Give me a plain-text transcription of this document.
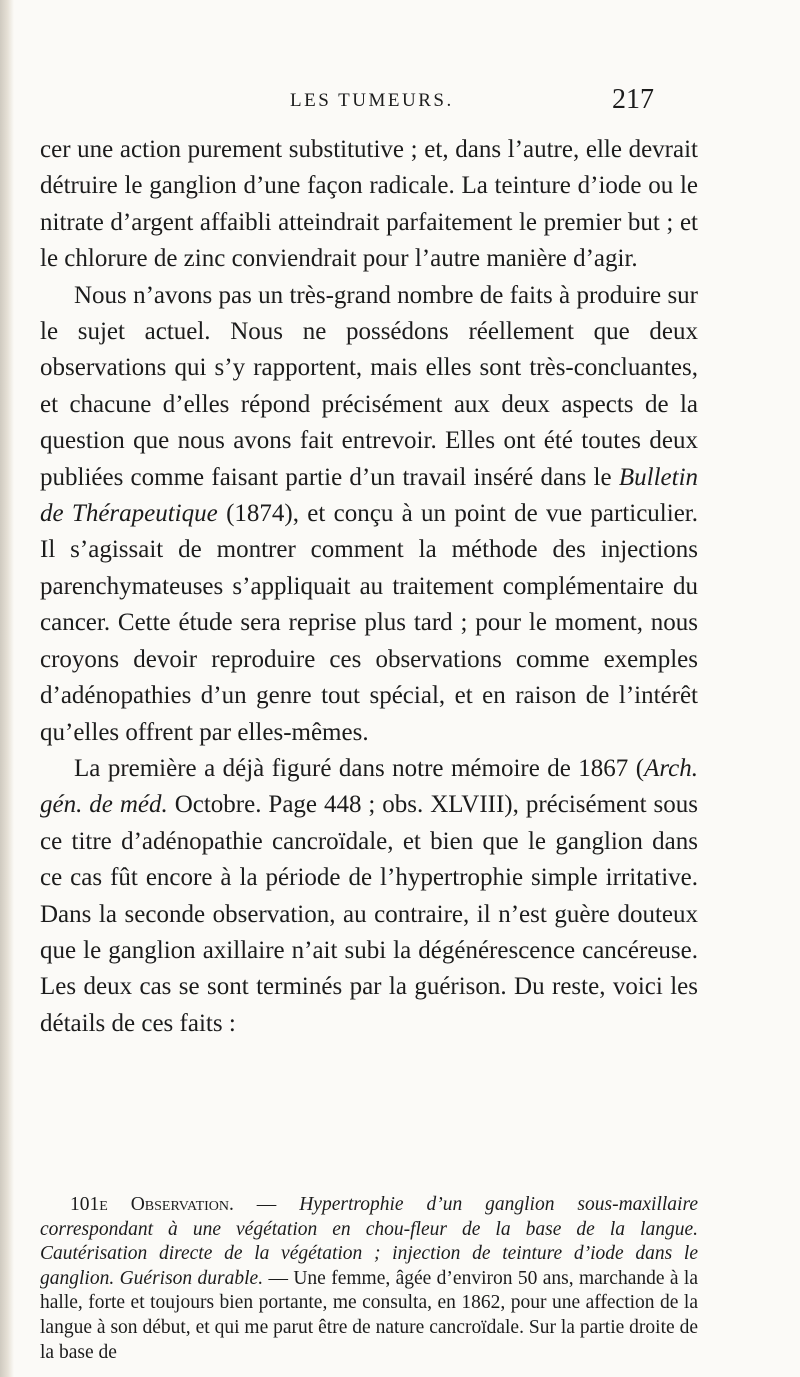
LES TUMEURS.	217

cer une action purement substitutive ; et, dans l’autre, elle devrait détruire le ganglion d’une façon radicale. La teinture d’iode ou le nitrate d’argent affaibli atteindrait parfaitement le premier but ; et le chlorure de zinc conviendrait pour l’autre manière d’agir.

Nous n’avons pas un très-grand nombre de faits à produire sur le sujet actuel. Nous ne possédons réellement que deux observations qui s’y rapportent, mais elles sont très-concluantes, et chacune d’elles répond précisément aux deux aspects de la question que nous avons fait entrevoir. Elles ont été toutes deux publiées comme faisant partie d’un travail inséré dans le Bulletin de Thérapeutique (1874), et conçu à un point de vue particulier. Il s’agissait de montrer comment la méthode des injections parenchymateuses s’appliquait au traitement complémentaire du cancer. Cette étude sera reprise plus tard ; pour le moment, nous croyons devoir reproduire ces observations comme exemples d’adénopathies d’un genre tout spécial, et en raison de l’intérêt qu’elles offrent par elles-mêmes.

La première a déjà figuré dans notre mémoire de 1867 (Arch. gén. de méd. Octobre. Page 448 ; obs. XLVIII), précisément sous ce titre d’adénopathie cancroïdale, et bien que le ganglion dans ce cas fût encore à la période de l’hypertrophie simple irritative. Dans la seconde observation, au contraire, il n’est guère douteux que le ganglion axillaire n’ait subi la dégénérescence cancéreuse. Les deux cas se sont terminés par la guérison. Du reste, voici les détails de ces faits :

101e Observation. — Hypertrophie d’un ganglion sous-maxillaire correspondant à une végétation en chou-fleur de la base de la langue. Cautérisation directe de la végétation ; injection de teinture d’iode dans le ganglion. Guérison durable. — Une femme, âgée d’environ 50 ans, marchande à la halle, forte et toujours bien portante, me consulta, en 1862, pour une affection de la langue à son début, et qui me parut être de nature cancroïdale. Sur la partie droite de la base de
